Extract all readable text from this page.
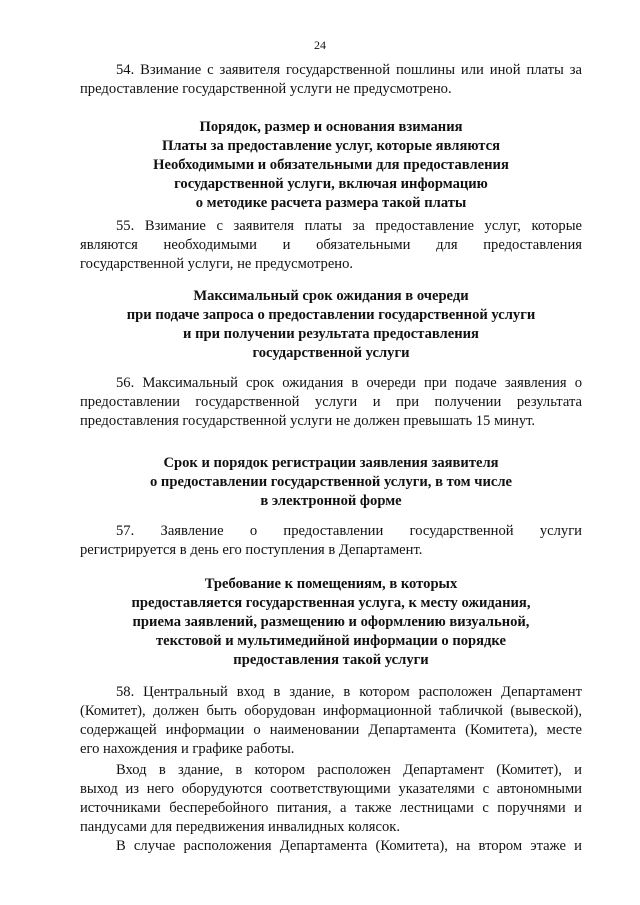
24
54. Взимание с заявителя государственной пошлины или иной платы за
предоставление государственной услуги не предусмотрено.
Порядок, размер и основания взимания
Платы за предоставление услуг, которые являются
Необходимыми и обязательными для предоставления
государственной услуги, включая информацию
о методике расчета размера такой платы
55. Взимание с заявителя платы за предоставление услуг, которые
являются необходимыми и обязательными для предоставления
государственной услуги, не предусмотрено.
Максимальный срок ожидания в очереди
при подаче запроса о предоставлении государственной услуги
и при получении результата предоставления
государственной услуги
56. Максимальный срок ожидания в очереди при подаче заявления о
предоставлении государственной услуги и при получении результата
предоставления государственной услуги не должен превышать 15 минут.
Срок и порядок регистрации заявления заявителя
о предоставлении государственной услуги, в том числе
в электронной форме
57. Заявление о предоставлении государственной услуги
регистрируется в день его поступления в Департамент.
Требование к помещениям, в которых
предоставляется государственная услуга, к месту ожидания,
приема заявлений, размещению и оформлению визуальной,
текстовой и мультимедийной информации о порядке
предоставления такой услуги
58. Центральный вход в здание, в котором расположен Департамент
(Комитет), должен быть оборудован информационной табличкой (вывеской),
содержащей информации о наименовании Департамента (Комитета), месте
его нахождения и графике работы.
Вход в здание, в котором расположен Департамент (Комитет), и
выход из него оборудуются соответствующими указателями с автономными
источниками бесперебойного питания, а также лестницами с поручнями и
пандусами для передвижения инвалидных колясок.
В случае расположения Департамента (Комитета), на втором этаже и
